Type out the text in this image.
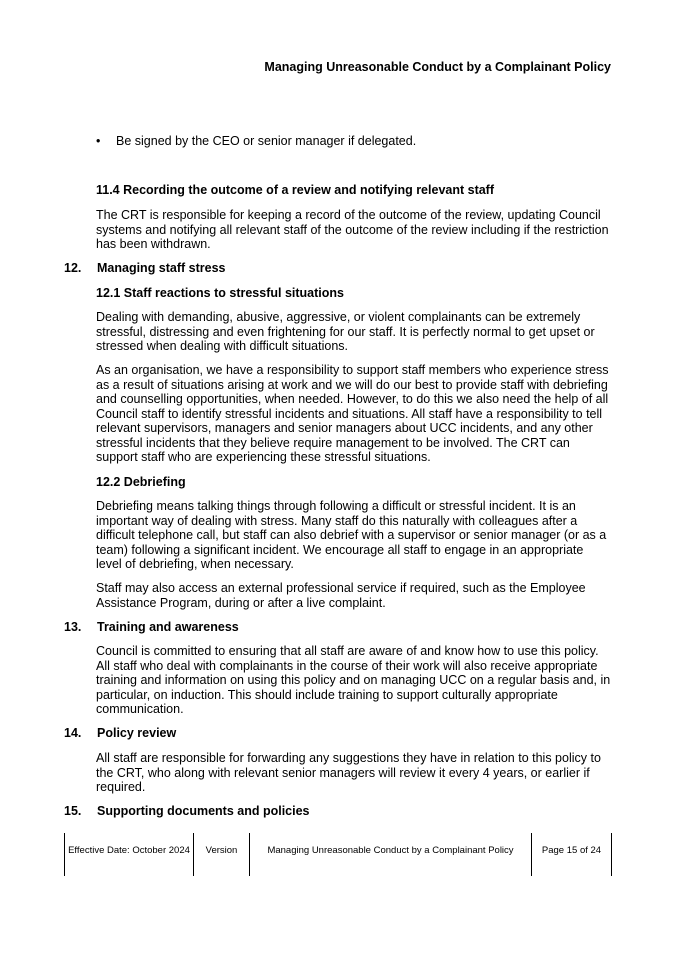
Managing Unreasonable Conduct by a Complainant Policy
• Be signed by the CEO or senior manager if delegated.
11.4 Recording the outcome of a review and notifying relevant staff
The CRT is responsible for keeping a record of the outcome of the review, updating Council systems and notifying all relevant staff of the outcome of the review including if the restriction has been withdrawn.
12. Managing staff stress
12.1 Staff reactions to stressful situations
Dealing with demanding, abusive, aggressive, or violent complainants can be extremely stressful, distressing and even frightening for our staff. It is perfectly normal to get upset or stressed when dealing with difficult situations.
As an organisation, we have a responsibility to support staff members who experience stress as a result of situations arising at work and we will do our best to provide staff with debriefing and counselling opportunities, when needed. However, to do this we also need the help of all Council staff to identify stressful incidents and situations. All staff have a responsibility to tell relevant supervisors, managers and senior managers about UCC incidents, and any other stressful incidents that they believe require management to be involved. The CRT can support staff who are experiencing these stressful situations.
12.2 Debriefing
Debriefing means talking things through following a difficult or stressful incident. It is an important way of dealing with stress. Many staff do this naturally with colleagues after a difficult telephone call, but staff can also debrief with a supervisor or senior manager (or as a team) following a significant incident. We encourage all staff to engage in an appropriate level of debriefing, when necessary.
Staff may also access an external professional service if required, such as the Employee Assistance Program, during or after a live complaint.
13. Training and awareness
Council is committed to ensuring that all staff are aware of and know how to use this policy. All staff who deal with complainants in the course of their work will also receive appropriate training and information on using this policy and on managing UCC on a regular basis and, in particular, on induction. This should include training to support culturally appropriate communication.
14. Policy review
All staff are responsible for forwarding any suggestions they have in relation to this policy to the CRT, who along with relevant senior managers will review it every 4 years, or earlier if required.
15. Supporting documents and policies
Effective Date: October 2024	Version	Managing Unreasonable Conduct by a Complainant Policy	Page 15 of 24
